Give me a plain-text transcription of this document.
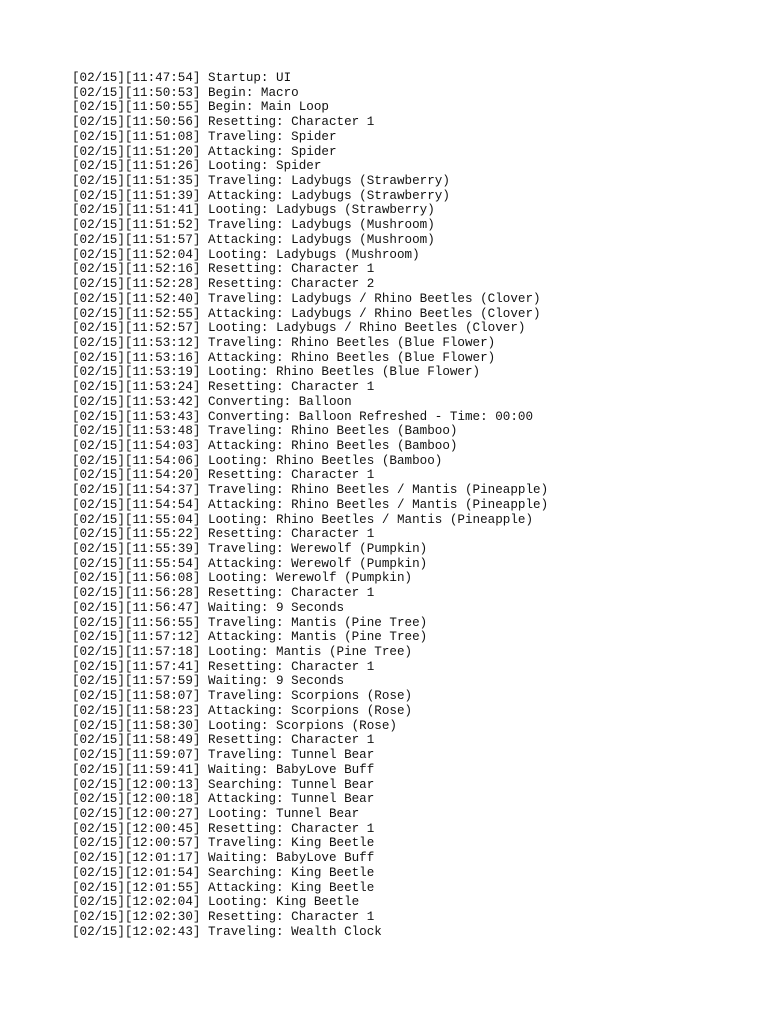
[02/15][11:47:54] Startup: UI
[02/15][11:50:53] Begin: Macro
[02/15][11:50:55] Begin: Main Loop
[02/15][11:50:56] Resetting: Character 1
[02/15][11:51:08] Traveling: Spider
[02/15][11:51:20] Attacking: Spider
[02/15][11:51:26] Looting: Spider
[02/15][11:51:35] Traveling: Ladybugs (Strawberry)
[02/15][11:51:39] Attacking: Ladybugs (Strawberry)
[02/15][11:51:41] Looting: Ladybugs (Strawberry)
[02/15][11:51:52] Traveling: Ladybugs (Mushroom)
[02/15][11:51:57] Attacking: Ladybugs (Mushroom)
[02/15][11:52:04] Looting: Ladybugs (Mushroom)
[02/15][11:52:16] Resetting: Character 1
[02/15][11:52:28] Resetting: Character 2
[02/15][11:52:40] Traveling: Ladybugs / Rhino Beetles (Clover)
[02/15][11:52:55] Attacking: Ladybugs / Rhino Beetles (Clover)
[02/15][11:52:57] Looting: Ladybugs / Rhino Beetles (Clover)
[02/15][11:53:12] Traveling: Rhino Beetles (Blue Flower)
[02/15][11:53:16] Attacking: Rhino Beetles (Blue Flower)
[02/15][11:53:19] Looting: Rhino Beetles (Blue Flower)
[02/15][11:53:24] Resetting: Character 1
[02/15][11:53:42] Converting: Balloon
[02/15][11:53:43] Converting: Balloon Refreshed - Time: 00:00
[02/15][11:53:48] Traveling: Rhino Beetles (Bamboo)
[02/15][11:54:03] Attacking: Rhino Beetles (Bamboo)
[02/15][11:54:06] Looting: Rhino Beetles (Bamboo)
[02/15][11:54:20] Resetting: Character 1
[02/15][11:54:37] Traveling: Rhino Beetles / Mantis (Pineapple)
[02/15][11:54:54] Attacking: Rhino Beetles / Mantis (Pineapple)
[02/15][11:55:04] Looting: Rhino Beetles / Mantis (Pineapple)
[02/15][11:55:22] Resetting: Character 1
[02/15][11:55:39] Traveling: Werewolf (Pumpkin)
[02/15][11:55:54] Attacking: Werewolf (Pumpkin)
[02/15][11:56:08] Looting: Werewolf (Pumpkin)
[02/15][11:56:28] Resetting: Character 1
[02/15][11:56:47] Waiting: 9 Seconds
[02/15][11:56:55] Traveling: Mantis (Pine Tree)
[02/15][11:57:12] Attacking: Mantis (Pine Tree)
[02/15][11:57:18] Looting: Mantis (Pine Tree)
[02/15][11:57:41] Resetting: Character 1
[02/15][11:57:59] Waiting: 9 Seconds
[02/15][11:58:07] Traveling: Scorpions (Rose)
[02/15][11:58:23] Attacking: Scorpions (Rose)
[02/15][11:58:30] Looting: Scorpions (Rose)
[02/15][11:58:49] Resetting: Character 1
[02/15][11:59:07] Traveling: Tunnel Bear
[02/15][11:59:41] Waiting: BabyLove Buff
[02/15][12:00:13] Searching: Tunnel Bear
[02/15][12:00:18] Attacking: Tunnel Bear
[02/15][12:00:27] Looting: Tunnel Bear
[02/15][12:00:45] Resetting: Character 1
[02/15][12:00:57] Traveling: King Beetle
[02/15][12:01:17] Waiting: BabyLove Buff
[02/15][12:01:54] Searching: King Beetle
[02/15][12:01:55] Attacking: King Beetle
[02/15][12:02:04] Looting: King Beetle
[02/15][12:02:30] Resetting: Character 1
[02/15][12:02:43] Traveling: Wealth Clock
